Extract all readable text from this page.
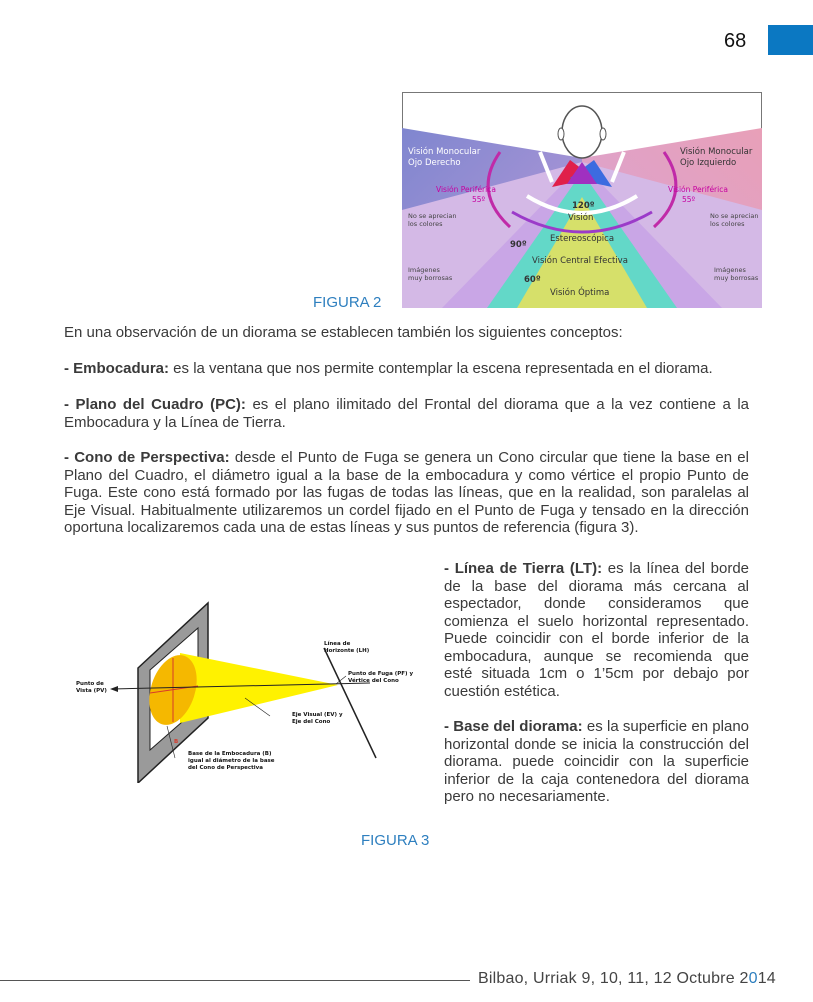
68
Visión Monocular
Ojo Derecho
Visión Monocular
Ojo Izquierdo
Visión Periférica
55º
Visión Periférica
55º
No se aprecian
los colores
No se aprecian
los colores
Imágenes
muy borrosas
Imágenes
muy borrosas
120º
Visión
Estereoscópica
90º
Visión Central Efectiva
60º
Visión Óptima
FIGURA 2

En una observación de un diorama se establecen también los siguientes conceptos:

- Embocadura: es la ventana que nos permite contemplar la escena representada en el diorama.

- Plano del Cuadro (PC): es el plano ilimitado del Frontal del diorama que a la vez contiene a la Embocadura y la Línea de Tierra.

- Cono de Perspectiva: desde el Punto de Fuga se genera un Cono circular que tiene la base en el Plano del Cuadro, el diámetro igual a la base de la embocadura y como vértice el propio Punto de Fuga. Este cono está formado por las fugas de todas las líneas, que en la realidad, son paralelas al Eje Visual. Habitualmente utilizaremos un cordel fijado en el Punto de Fuga y tensado en la dirección oportuna localizaremos cada una de estas líneas y sus puntos de referencia (figura 3).

Línea de
Horizonte (LH)
Punto de Fuga (PF) y
Vértice del Cono
Punto de
Vista (PV)
Eje Visual (EV) y
Eje del Cono
B
Base de la Embocadura (B)
igual al diámetro de la base
del Cono de Perspectiva
FIGURA 3

- Línea de Tierra (LT): es la línea del borde de la base del diorama más cercana al espectador, donde consideramos que comienza el suelo horizontal representado. Puede coincidir con el borde inferior de la embocadura, aunque se recomienda que esté situada 1cm o 1’5cm por debajo por cuestión estética.

- Base del diorama: es la superficie en plano horizontal donde se inicia la construcción del diorama. puede coincidir con la superficie inferior de la caja contenedora del diorama pero no necesariamente.

Bilbao, Urriak 9, 10, 11, 12 Octubre 2014
